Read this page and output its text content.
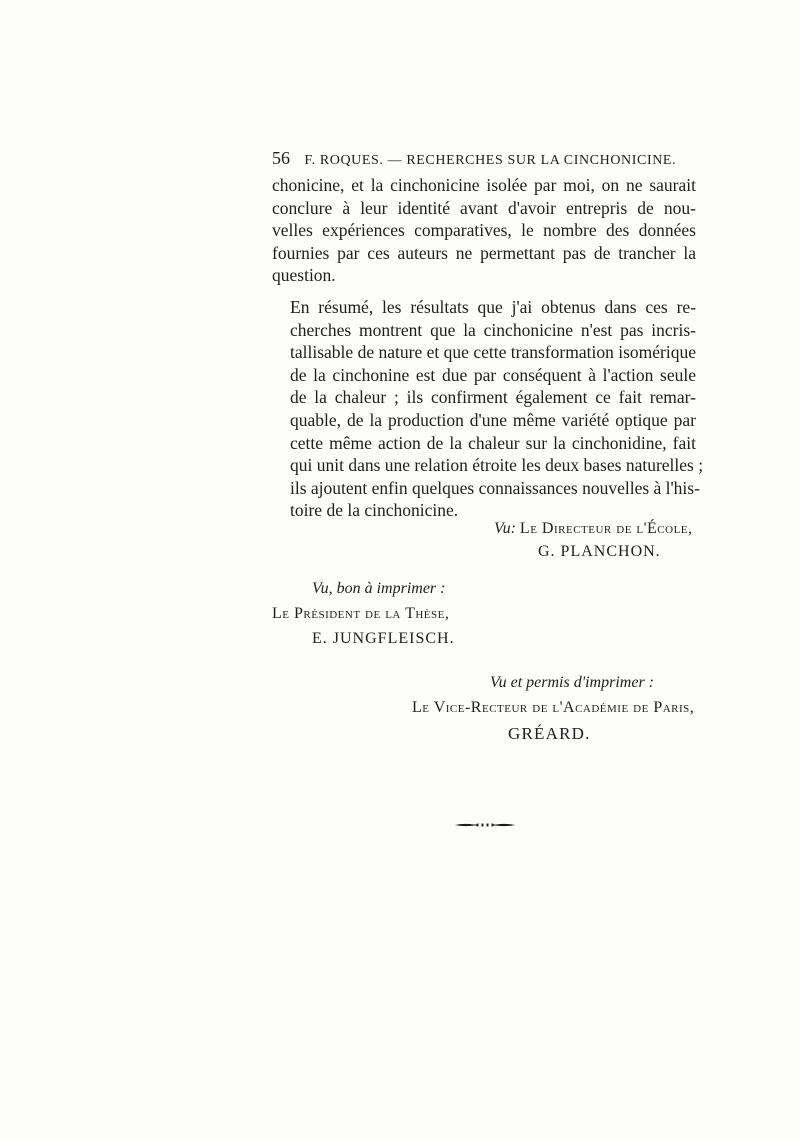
56 F. ROQUES. — RECHERCHES SUR LA CINCHONICINE.
chonicine, et la cinchonicine isolée par moi, on ne saurait
conclure à leur identité avant d'avoir entrepris de nou-
velles expériences comparatives, le nombre des données
fournies par ces auteurs ne permettant pas de trancher la
question.
En résumé, les résultats que j'ai obtenus dans ces re-
cherches montrent que la cinchonicine n'est pas incris-
tallisable de nature et que cette transformation isomérique
de la cinchonine est due par conséquent à l'action seule
de la chaleur ; ils confirment également ce fait remar-
quable, de la production d'une même variété optique par
cette même action de la chaleur sur la cinchonidine, fait
qui unit dans une relation étroite les deux bases naturelles ;
ils ajoutent enfin quelques connaissances nouvelles à l'his-
toire de la cinchonicine.
Vu: Le Directeur de l'École,
G. PLANCHON.
Vu, bon à imprimer :
Le Président de la Thèse,
E. JUNGFLEISCH.
Vu et permis d'imprimer :
Le Vice-Recteur de l'Académie de Paris,
GRÉARD.
